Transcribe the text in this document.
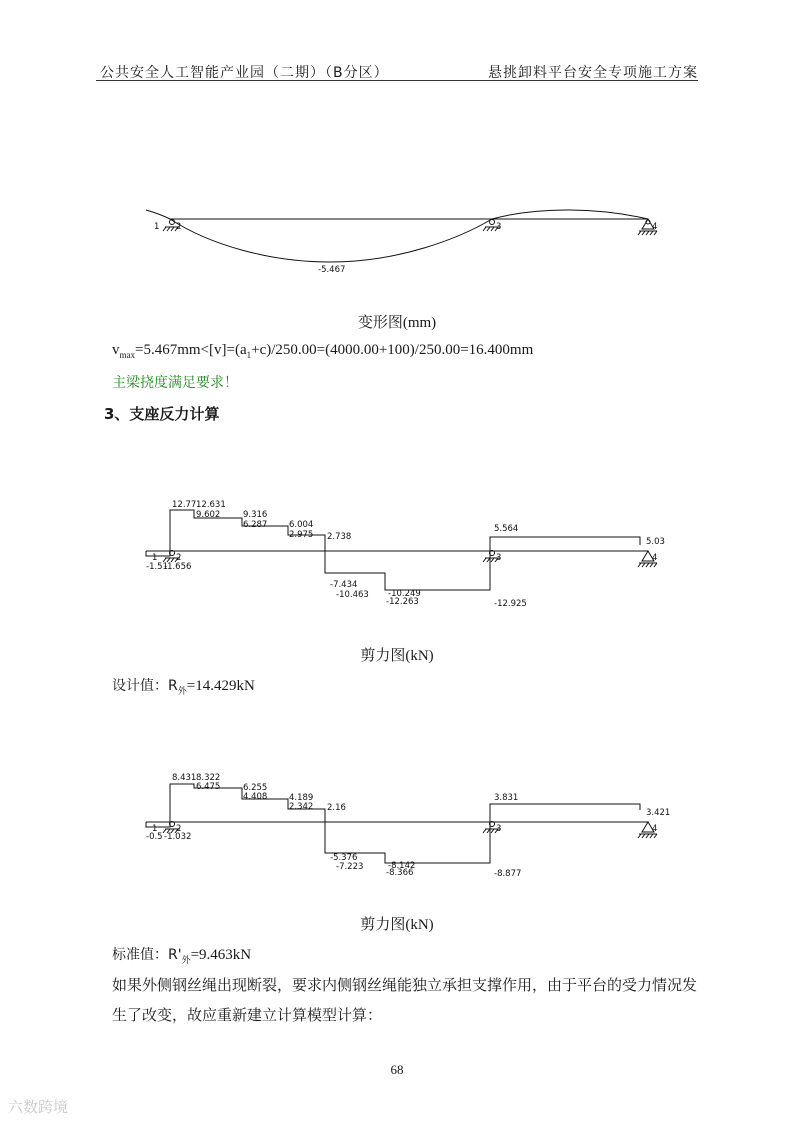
公共安全人工智能产业园（二期）（B分区）	悬挑卸料平台安全专项施工方案
1 2	3	4
-5.467
变形图(mm)
$v_{max}=5.467mm<[v]=(a_1+c)/250.00=(4000.00+100)/250.00=16.400mm$
主梁挠度满足要求！
3、支座反力计算
12.77 12.631
9.602	9.316
6.287	6.004
2.975 2.738
-7.434
-10.463 -10.249
-12.263
5.564
5.03
-12.925
-1.51
-1.656
1 2	3	4
剪力图(kN)
设计值：$R_外=14.429kN$
8.431 8.322
6.475	6.255
4.408	4.189
2.342 2.16
-5.376
-7.223	-8.142
-8.366
3.831
3.421
-8.877
-0.5 -1.032
1 2	3	4
剪力图(kN)
标准值：$R'_外=9.463kN$
如果外侧钢丝绳出现断裂，要求内侧钢丝绳能独立承担支撑作用，由于平台的受力情况发生了改变，故应重新建立计算模型计算：
68
六数跨境
